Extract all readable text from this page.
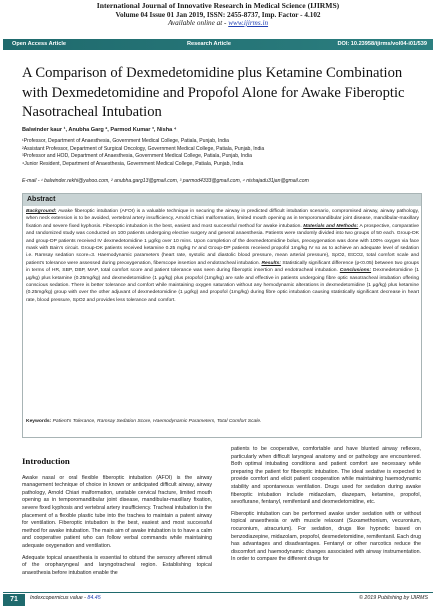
International Journal of Innovative Research in Medical Science (IJIRMS)
Volume 04 Issue 01 Jan 2019, ISSN: 2455-8737, Imp. Factor - 4.102
Available online at - www.ijirms.in
Open Access Article	Research Article	DOI: 10.23958/ijirms/vol04-i01/539
A Comparison of Dexmedetomidine plus Ketamine Combination with Dexmedetomidine and Propofol Alone for Awake Fiberoptic Nasotracheal Intubation
Balwinder kaur ¹, Anubha Garg ², Parmod Kumar ³, Nisha ⁴
¹Professor, Department of Anaesthesia, Government Medical College, Patiala, Punjab, India
²Assistant Professor, Department of Surgical Oncology, Government Medical College, Patiala, Punjab, India
³Professor and HOD, Department of Anaesthesia, Government Medical College, Patiala, Punjab, India
⁴Junior Resident, Department of Anaesthesia, Government Medical College, Patiala, Punjab, India
E-mail - ¹ balwinder.rekhi@yahoo.com, ² anubha.garg13@gmail.com, ³ parmod4333@gmail.com, ⁴ nishajadu31jan@gmail.com
Abstract
Background: Awake fiberoptic intubation (AFOI) is a valuable technique in securing the airway in predicted difficult intubation scenario, compromised airway, airway pathology, when neck extension is to be avoided, vertebral artery insufficiency, Arnold Chiari malformation, limited mouth opening as in temporomandibular joint disease, mandibular-maxillary fixation and severe fixed kyphosis. Fiberoptic intubation is the best, easiest and most successful method for awake intubation. Materials and Methods: A prospective, comparative and randomized study was conducted on 100 patients undergoing elective surgery and general anaesthesia. Patients were randomly divided into two groups of 50 each. Group-DK and group-DP patients received IV dexmedetomidine 1 μg/kg over 10 mins. Upon completion of the dexmedetomidine bolus, preoxygenation was done with 100% oxygen via face mask with Bain's circuit. Group-DK patients received ketamine 0.25 mg/kg IV and Group-DP patients received propofol 1mg/kg IV so as to achieve an adequate level of sedation i.e. Ramsay sedation score=3. Haemodynamic parameters (heart rate, systolic and diastolic blood pressure, mean arterial pressure), SpO2, EtCO2, total comfort scale and patient's tolerance were assessed during preoxygenation, fiberscope insertion and endotracheal intubation. Results: Statistically significant difference (p<0.05) between two groups in terms of HR, SBP, DBP, MAP, total comfort score and patient tolerance was seen during fiberoptic insertion and endotracheal intubation. Conclusions: Dexmedetomidine (1 μg/kg) plus ketamine (0.25mg/kg) and dexmedetomidine (1 μg/kg) plus propofol (1mg/kg) are safe and effective in patients undergoing fibre optic nasotracheal intubation offering conscious sedation. There is better tolerance and comfort while maintaining oxygen saturation without any hemodynamic alterations in dexmedetomidine (1 μg/kg) plus ketamine (0.25mg/kg) group with over the other adjuvant of dexmedetomidine (1 μg/kg) and propofol (1mg/kg) during fibre optic intubation causing statistically significant decrease in heart rate, blood pressure, SpO2 and provides less tolerance and comfort.
Keywords: Patient's Tolerance, Ramsay Sedation Score, Haemodynamic Parameters, Total Comfort Scale.
Introduction

Awake nasal or oral flexible fiberoptic intubation (AFOI) is the airway management technique of choice in known or anticipated difficult airway, airway pathology, Arnold Chiari malformation, unstable cervical fracture, limited mouth opening as in temporomandibular joint disease, mandibular-maxillary fixation, severe fixed kyphosis and vertebral artery insufficiency. Tracheal intubation is the placement of a flexible plastic tube into the trachea to maintain a patent airway for ventilation. Fiberoptic intubation is the best, easiest and most successful method for awake intubation. The main aim of awake intubation is to have a calm and cooperative patient who can follow verbal commands while maintaining adequate oxygenation and ventilation.

Adequate topical anaesthesia is essential to obtund the sensory afferent stimuli of the oropharyngeal and laryngotracheal region. Establishing topical anaesthesia before intubation enable the

patients to be cooperative, comfortable and have blunted airway reflexes, particularly when difficult laryngeal anatomy and or pathology are encountered. Both optimal intubating conditions and patient comfort are necessary while preparing the patient for fiberoptic intubation. The ideal sedative is expected to provide comfort and elicit patient cooperation while maintaining haemodynamic stability and spontaneous ventilation. Drugs used for sedation during awake fiberoptic intubation include midazolam, diazepam, ketamine, propofol, sevoflurane, fentanyl, remifentanil and dexmedetomidine, etc.

Fiberoptic intubation can be performed awake under sedation with or without topical anaesthesia or with muscle relaxant (Suxamethonium, vecuronium, rocuronium, atracurium). For sedation, drugs like hypnotic based on benzodiazepine, midazolam, propofol, dexmedetomidine, remifentanil. Each drug has advantages and disadvantages. Fentanyl or other narcotics reduce the discomfort and haemodynamic changes associated with airway instrumentation. In order to compare the different drugs for

71	Indexcopernicus value - 84.45	© 2019 Publishing by IJIRMS
